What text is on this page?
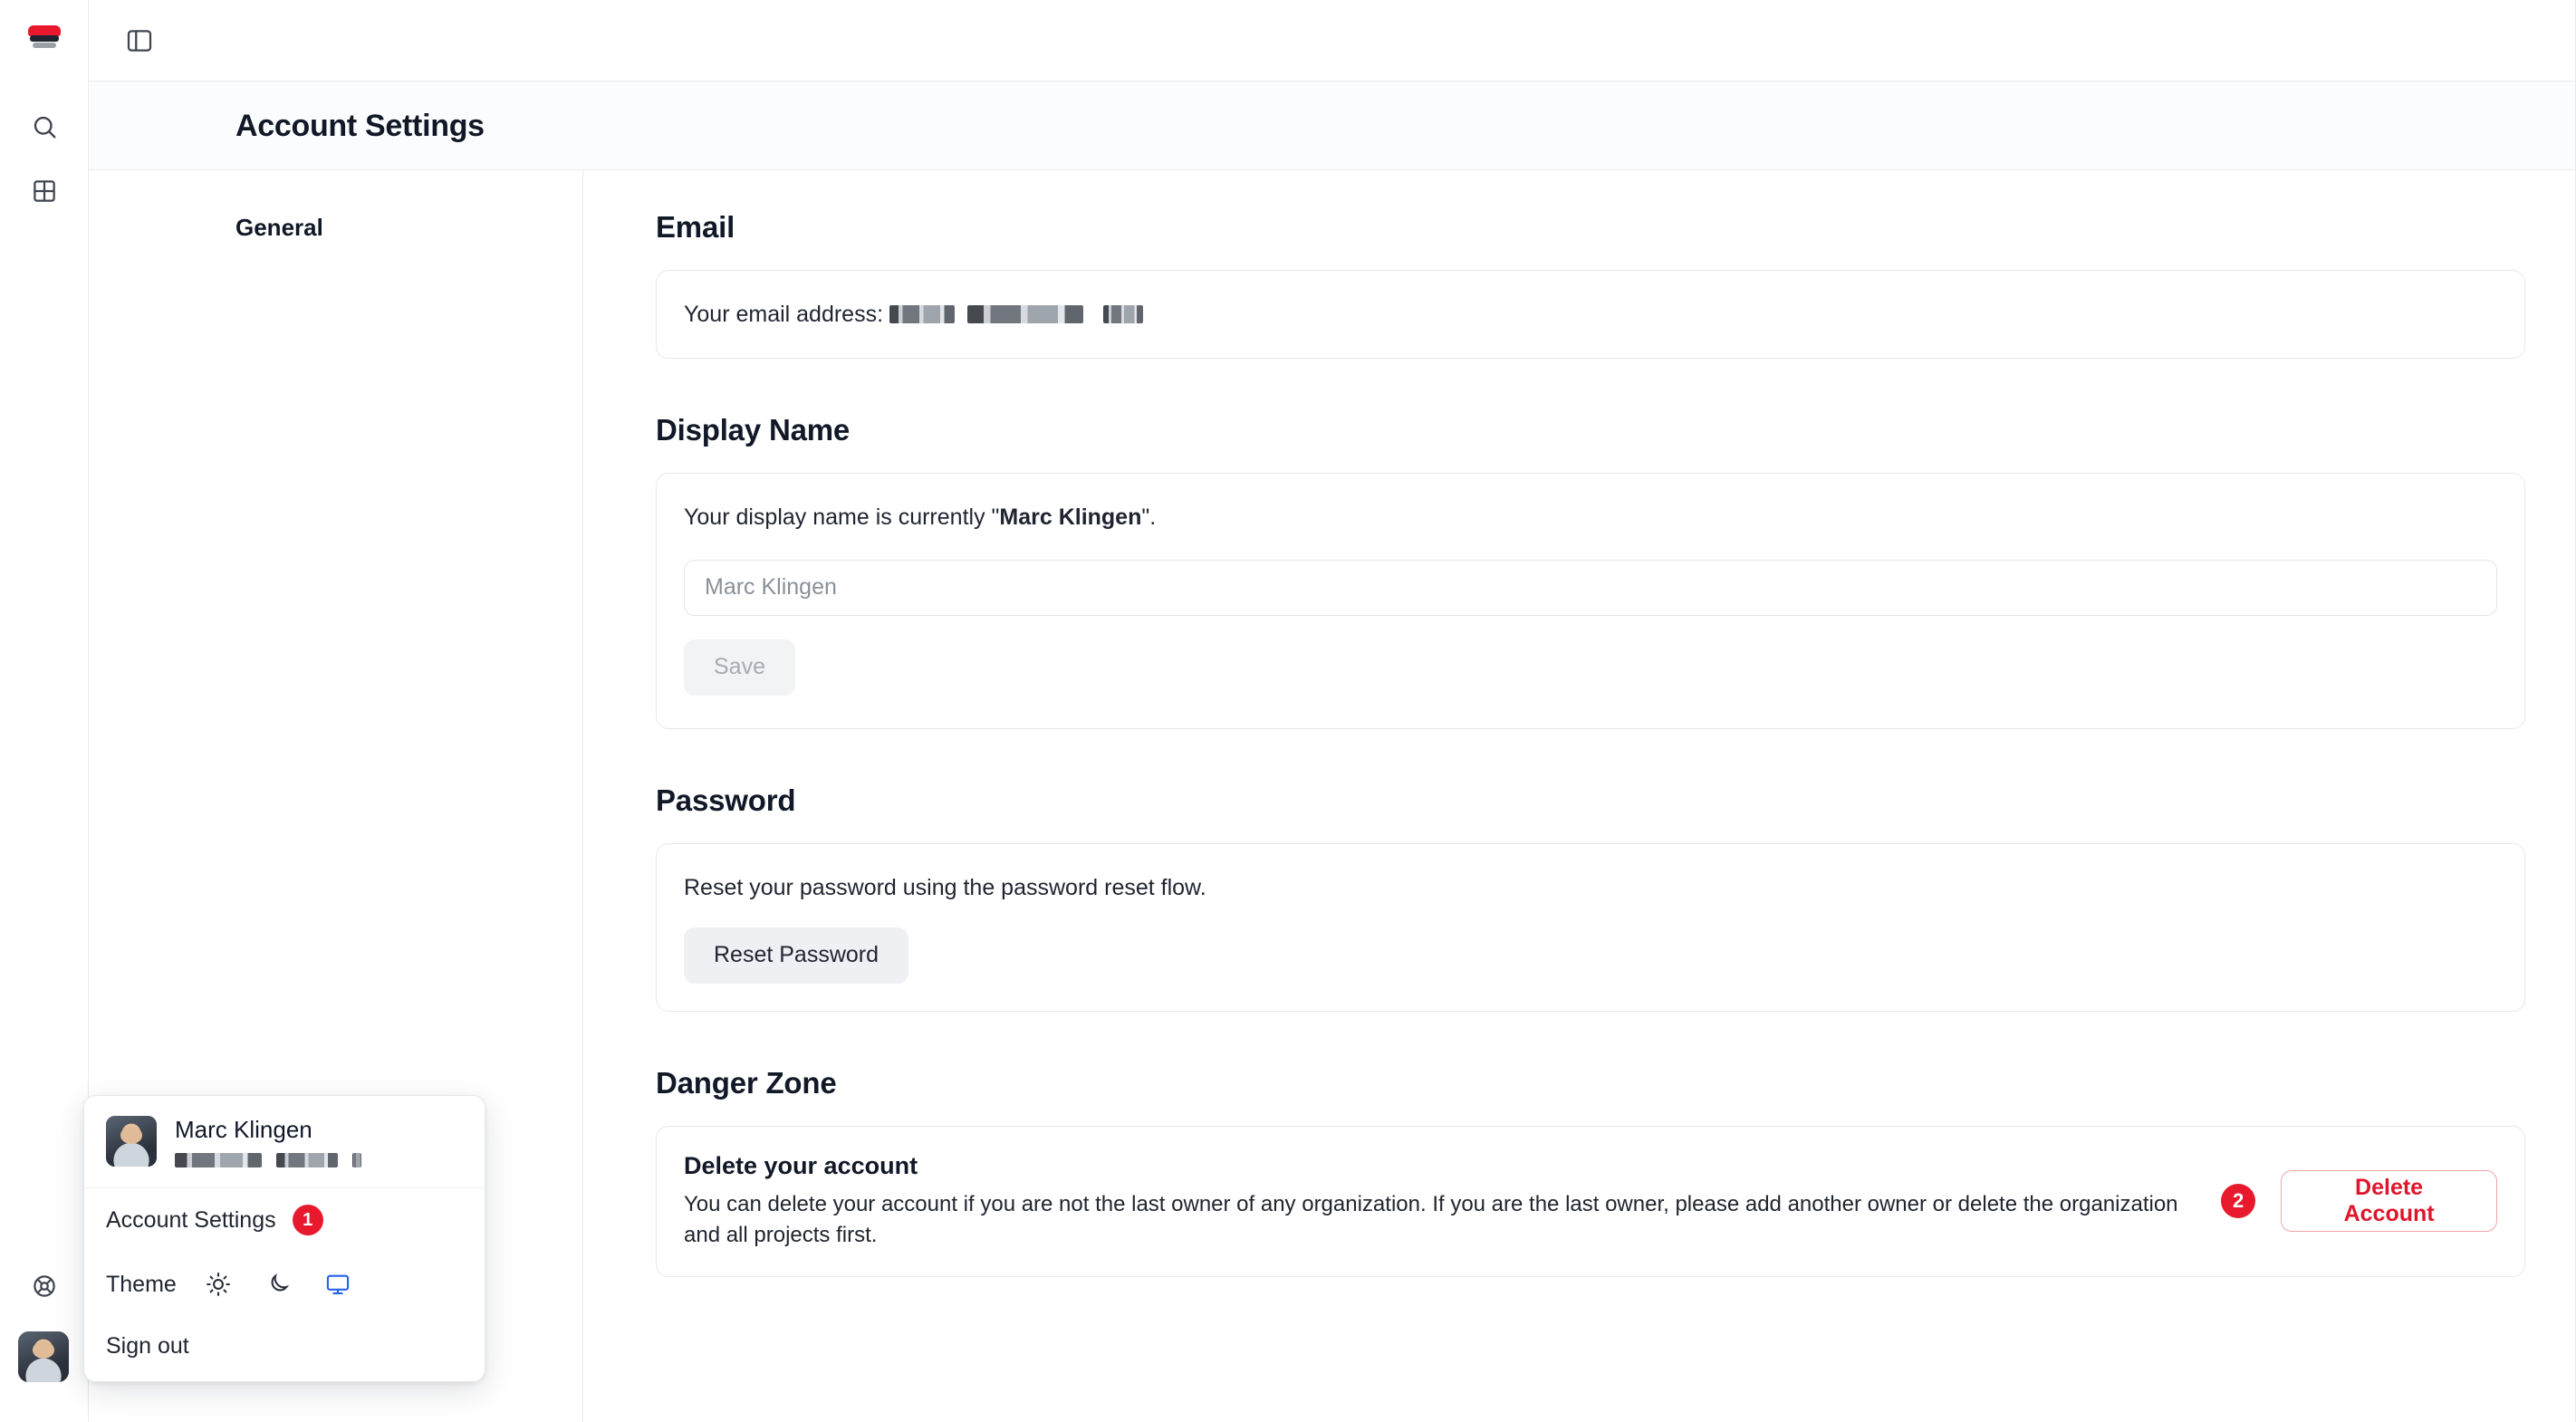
Account Settings
General	Email
Your email address:
Display Name
Your display name is currently "Marc Klingen".
Marc Klingen
Save
Password
Reset your password using the password reset flow.
Reset Password
Danger Zone
Delete your account
You can delete your account if you are not the last owner of any organization. If you are the last owner, please add another owner or delete the organization and all projects first.
2
Delete Account
Marc Klingen
Account Settings	1
Theme
Sign out
